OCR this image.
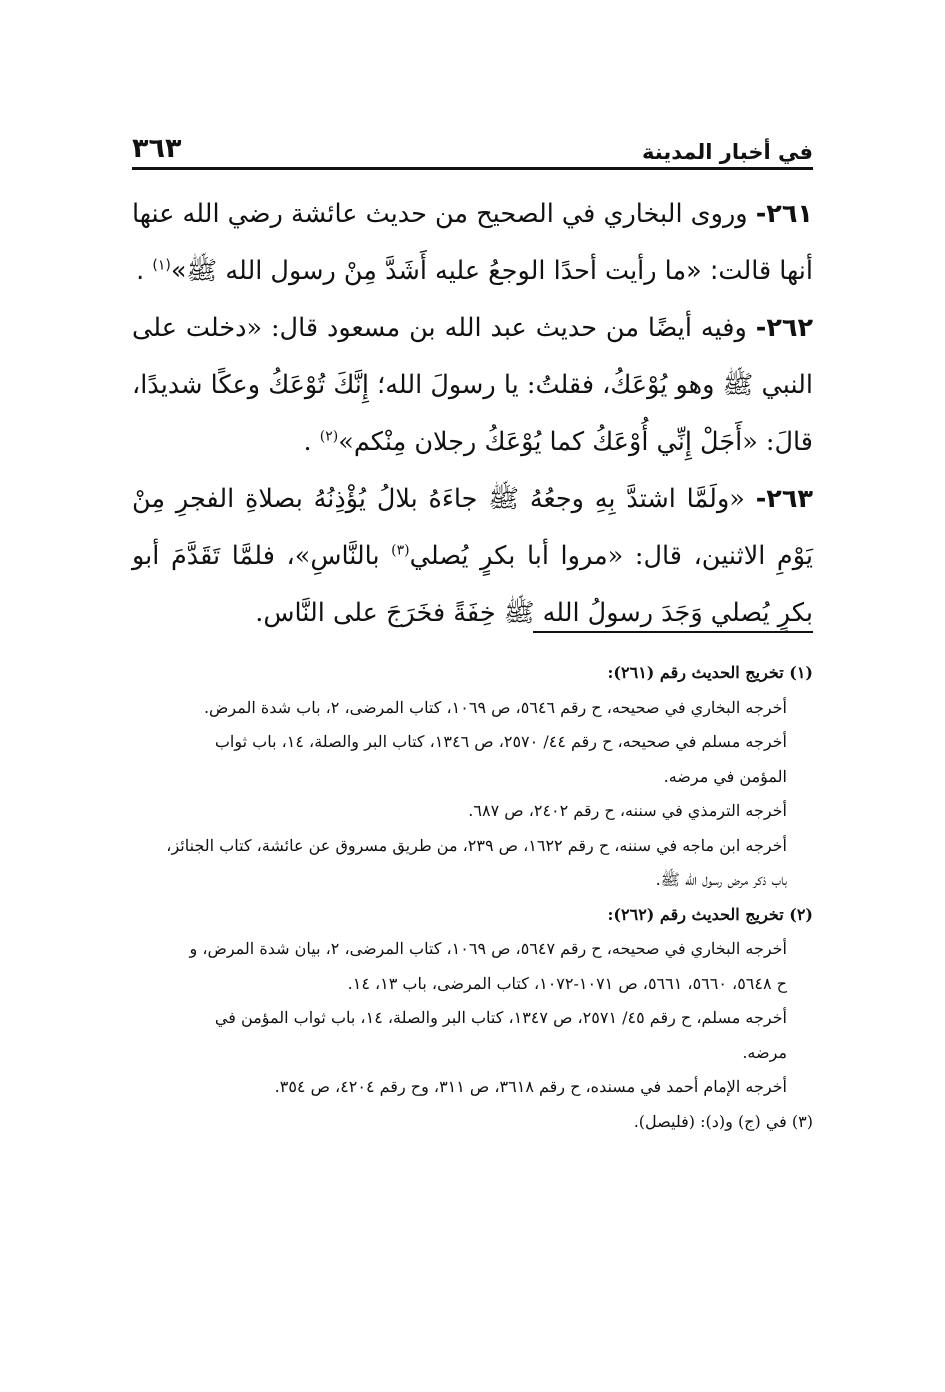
في أخبار المدينة
٣٦٣

٢٦١- وروى البخاري في الصحيح من حديث عائشة رضي الله عنها أنها قالت: «ما رأيت أحدًا الوجعُ عليه أَشَدَّ مِنْ رسول الله ﷺ»$^{(١)}$ .

٢٦٢- وفيه أيضًا من حديث عبد الله بن مسعود قال: «دخلت على النبي ﷺ وهو يُوْعَكُ، فقلتُ: يا رسولَ الله؛ إِنَّكَ تُوْعَكُ وعكًا شديدًا، قالَ: «أَجَلْ إِنِّي أُوْعَكُ كما يُوْعَكُ رجلان مِنْكم»$^{(٢)}$ .

٢٦٣- «ولَمَّا اشتدَّ بِهِ وجعُهُ ﷺ جاءَهُ بلالُ يُؤْذِنُهُ بصلاةِ الفجرِ مِنْ يَوْمِ الاثنين، قال: «مروا أبا بكرٍ يُصلي$^{(٣)}$ بالنَّاسِ»، فلمَّا تَقَدَّمَ أبو بكرٍ يُصلي وَجَدَ رسولُ الله ﷺ خِفَةً فخَرَجَ على النَّاس.

(١) تخريج الحديث رقم (٢٦١):

أخرجه البخاري في صحيحه، ح رقم ٥٦٤٦، ص ١٠٦٩، كتاب المرضى، ٢، باب شدة المرض.

أخرجه مسلم في صحيحه، ح رقم ٤٤/ ٢٥٧٠، ص ١٣٤٦، كتاب البر والصلة، ١٤، باب ثواب

المؤمن في مرضه.

أخرجه الترمذي في سننه، ح رقم ٢٤٠٢، ص ٦٨٧.

أخرجه ابن ماجه في سننه، ح رقم ١٦٢٢، ص ٢٣٩، من طريق مسروق عن عائشة، كتاب الجنائز،

باب ذكر مرض رسول الله ﷺ.

(٢) تخريج الحديث رقم (٢٦٢):

أخرجه البخاري في صحيحه، ح رقم ٥٦٤٧، ص ١٠٦٩، كتاب المرضى، ٢، بيان شدة المرض، و

ح ٥٦٤٨، ٥٦٦٠، ٥٦٦١، ص ١٠٧١-١٠٧٢، كتاب المرضى، باب ١٣، ١٤.

أخرجه مسلم، ح رقم ٤٥/ ٢٥٧١، ص ١٣٤٧، كتاب البر والصلة، ١٤، باب ثواب المؤمن في

مرضه.

أخرجه الإمام أحمد في مسنده، ح رقم ٣٦١٨، ص ٣١١، وح رقم ٤٢٠٤، ص ٣٥٤.

(٣) في (ج) و(د): (فليصل).
